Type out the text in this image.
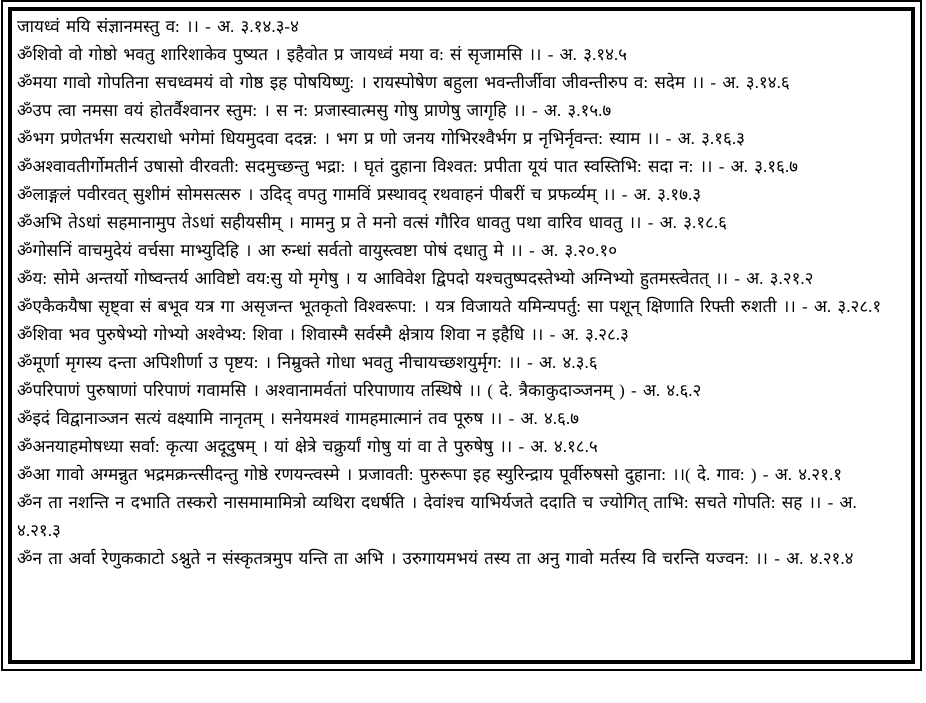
जायध्वं मयि संज्ञानमस्तु व: ।। - अ. ३.१४.३-४

ॐशिवो वो गोष्ठो भवतु शारिशाकेव पुष्यत । इहैवोत प्र जायध्वं मया व: सं सृजामसि ।। - अ. ३.१४.५

ॐमया गावो गोपतिना सचध्वमयं वो गोष्ठ इह पोषयिष्णु: । रायस्पोषेण बहुला भवन्तीर्जीवा जीवन्तीरुप व: सदेम ।। - अ. ३.१४.६

ॐउप त्वा नमसा वयं होतर्वैश्वानर स्तुम: । स न: प्रजास्वात्मसु गोषु प्राणेषु जागृहि ।। - अ. ३.१५.७

ॐभग प्रणेतर्भग सत्यराधो भगेमां धियमुदवा ददन्न: । भग प्र णो जनय गोभिरश्वैर्भग प्र नृभिर्नृवन्त: स्याम ।। - अ. ३.१६.३

ॐअश्वावतीर्गोमतीर्न उषासो वीरवती: सदमुच्छन्तु भद्रा: । घृतं दुहाना विश्वत: प्रपीता यूयं पात स्वस्तिभि: सदा न: ।। - अ. ३.१६.७

ॐलाङ्गलं पवीरवत् सुशीमं सोमसत्सरु । उदिद् वपतु गामविं प्रस्थावद् रथवाहनं पीबरीं च प्रफर्व्यम् ।। - अ. ३.१७.३

ॐअभि तेऽधां सहमानामुप तेऽधां सहीयसीम् । मामनु प्र ते मनो वत्सं गौरिव धावतु पथा वारिव धावतु ।। - अ. ३.१८.६

ॐगोसनिं वाचमुदेयं वर्चसा माभ्युदिहि । आ रुन्धां सर्वतो वायुस्त्वष्टा पोषं दधातु मे ।। - अ. ३.२०.१०

ॐय: सोमे अन्तर्यो गोष्वन्तर्य आविष्टो वय:सु यो मृगेषु । य आविवेश द्विपदो यश्चतुष्पदस्तेभ्यो अग्निभ्यो हुतमस्त्वेतत् ।। - अ. ३.२१.२

ॐएकैकयैषा सृष्ट्वा सं बभूव यत्र गा असृजन्त भूतकृतो विश्वरूपा: । यत्र विजायते यमिन्यपर्तु: सा पशून् क्षिणाति रिफ्ती रुशती ।। - अ. ३.२८.१

ॐशिवा भव पुरुषेभ्यो गोभ्यो अश्वेभ्य: शिवा । शिवास्मै सर्वस्मै क्षेत्राय शिवा न इहैधि ।। - अ. ३.२८.३

ॐमूर्णा मृगस्य दन्ता अपिशीर्णा उ पृष्टय: । निम्रुक्ते गोधा भवतु नीचायच्छशयुर्मृग: ।। - अ. ४.३.६

ॐपरिपाणं पुरुषाणां परिपाणं गवामसि । अश्वानामर्वतां परिपाणाय तस्थिषे ।। ( दे. त्रैकाकुदाञ्जनम् ) - अ. ४.६.२

ॐइदं विद्वानाञ्जन सत्यं वक्ष्यामि नानृतम् । सनेयमश्वं गामहमात्मानं तव पूरुष ।। - अ. ४.६.७

ॐअनयाहमोषध्या सर्वा: कृत्या अदूदुषम् । यां क्षेत्रे चक्रुर्यां गोषु यां वा ते पुरुषेषु ।। - अ. ४.१८.५

ॐआ गावो अग्मन्नुत भद्रमक्रन्त्सीदन्तु गोष्ठे रणयन्त्वस्मे । प्रजावती: पुरुरूपा इह स्युरिन्द्राय पूर्वीरुषसो दुहाना: ।।( दे. गाव: ) - अ. ४.२१.१

ॐन ता नशन्ति न दभाति तस्करो नासमामामित्रो व्यथिरा दधर्षति । देवांश्च याभिर्यजते ददाति च ज्योगित् ताभि: सचते गोपति: सह ।। - अ. ४.२१.३

ॐन ता अर्वा रेणुककाटो ऽश्नुते न संस्कृतत्रमुप यन्ति ता अभि । उरुगायमभयं तस्य ता अनु गावो मर्तस्य वि चरन्ति यज्वन: ।। - अ. ४.२१.४
